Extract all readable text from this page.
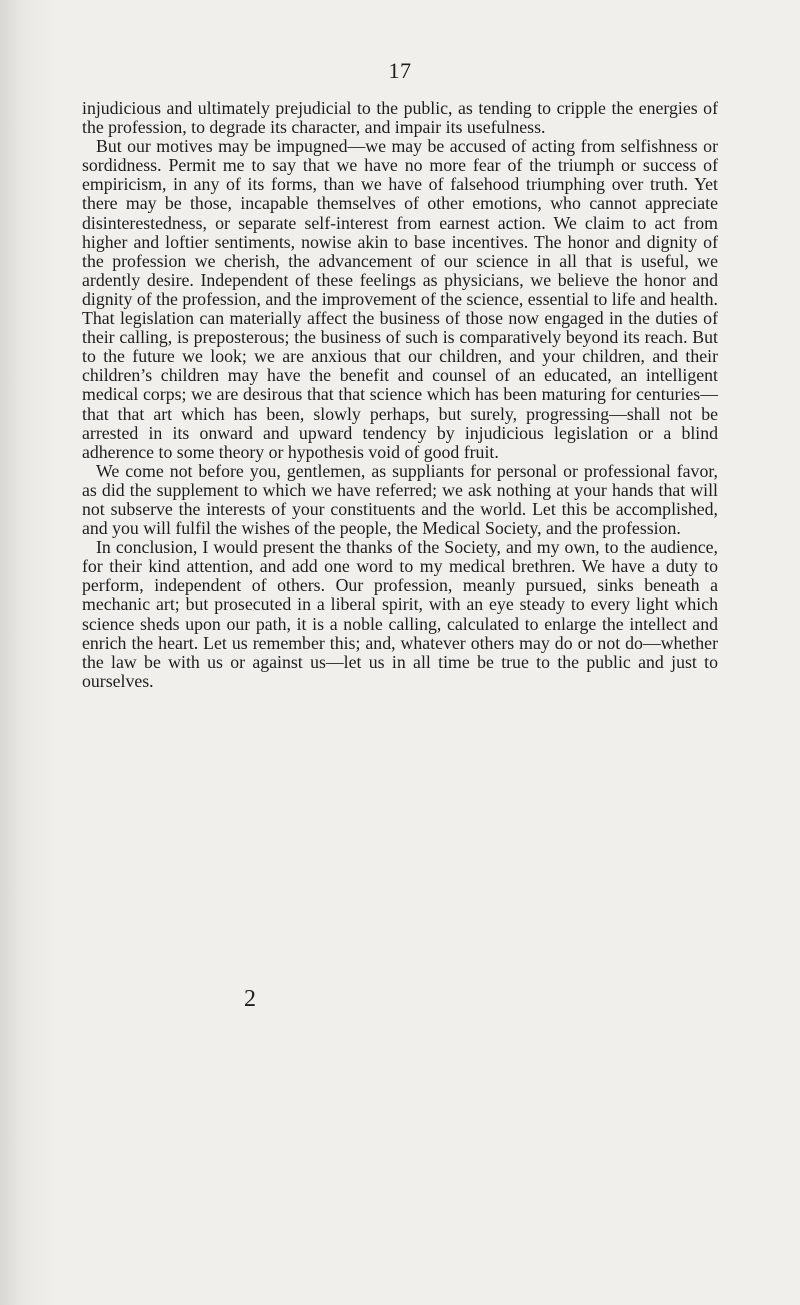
17

injudicious and ultimately prejudicial to the public, as tending to cripple the energies of the profession, to degrade its character, and impair its usefulness.

But our motives may be impugned—we may be accused of acting from selfishness or sordidness. Permit me to say that we have no more fear of the triumph or success of empiricism, in any of its forms, than we have of falsehood triumphing over truth. Yet there may be those, incapable themselves of other emotions, who cannot appreciate disinterestedness, or separate self-interest from earnest action. We claim to act from higher and loftier sentiments, nowise akin to base incentives. The honor and dignity of the profession we cherish, the advancement of our science in all that is useful, we ardently desire. Independent of these feelings as physicians, we believe the honor and dignity of the profession, and the improvement of the science, essential to life and health. That legislation can materially affect the business of those now engaged in the duties of their calling, is preposterous; the business of such is comparatively beyond its reach. But to the future we look; we are anxious that our children, and your children, and their children’s children may have the benefit and counsel of an educated, an intelligent medical corps; we are desirous that that science which has been maturing for centuries—that that art which has been, slowly perhaps, but surely, progressing—shall not be arrested in its onward and upward tendency by injudicious legislation or a blind adherence to some theory or hypothesis void of good fruit.

We come not before you, gentlemen, as suppliants for personal or professional favor, as did the supplement to which we have referred; we ask nothing at your hands that will not subserve the interests of your constituents and the world. Let this be accomplished, and you will fulfil the wishes of the people, the Medical Society, and the profession.

In conclusion, I would present the thanks of the Society, and my own, to the audience, for their kind attention, and add one word to my medical brethren. We have a duty to perform, independent of others. Our profession, meanly pursued, sinks beneath a mechanic art; but prosecuted in a liberal spirit, with an eye steady to every light which science sheds upon our path, it is a noble calling, calculated to enlarge the intellect and enrich the heart. Let us remember this; and, whatever others may do or not do—whether the law be with us or against us—let us in all time be true to the public and just to ourselves.

2
